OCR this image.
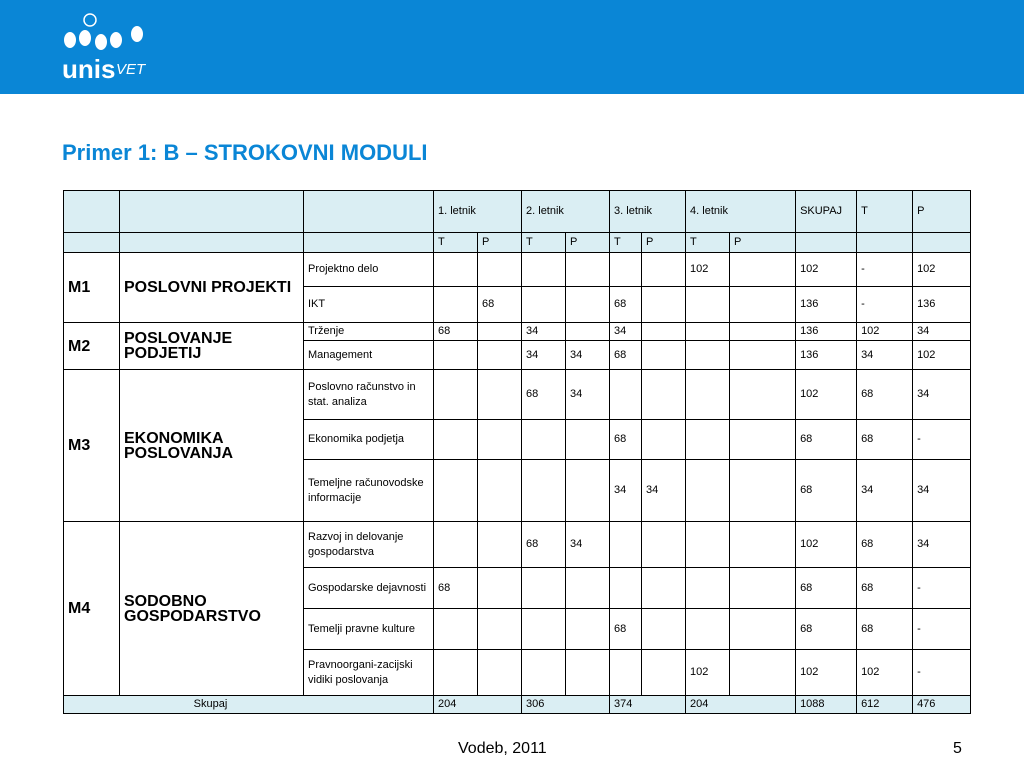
unis VET
Primer 1: B – STROKOVNI MODULI
			1. letnik		2. letnik		3. letnik		4. letnik		SKUPAJ	T	P
			T	P	T	P	T	P	T	P			
M1	POSLOVNI PROJEKTI	Projektno delo							102		102	-	102
		IKT		68			68				136	-	136
M2	POSLOVANJE PODJETIJ	Trženje	68		34		34				136	102	34
		Management			34	34	68				136	34	102
M3	EKONOMIKA POSLOVANJA	Poslovno računstvo in stat. analiza			68	34					102	68	34
		Ekonomika podjetja					68				68	68	-
		Temeljne računovodske informacije					34	34			68	34	34
M4	SODOBNO GOSPODARSTVO	Razvoj in delovanje gospodarstva			68	34					102	68	34
		Gospodarske dejavnosti	68								68	68	-
		Temelji pravne kulture					68				68	68	-
		Pravnoorgani-zacijski vidiki poslovanja							102		102	102	-
Skupaj			204		306		374		204		1088	612	476
Vodeb, 2011	5
